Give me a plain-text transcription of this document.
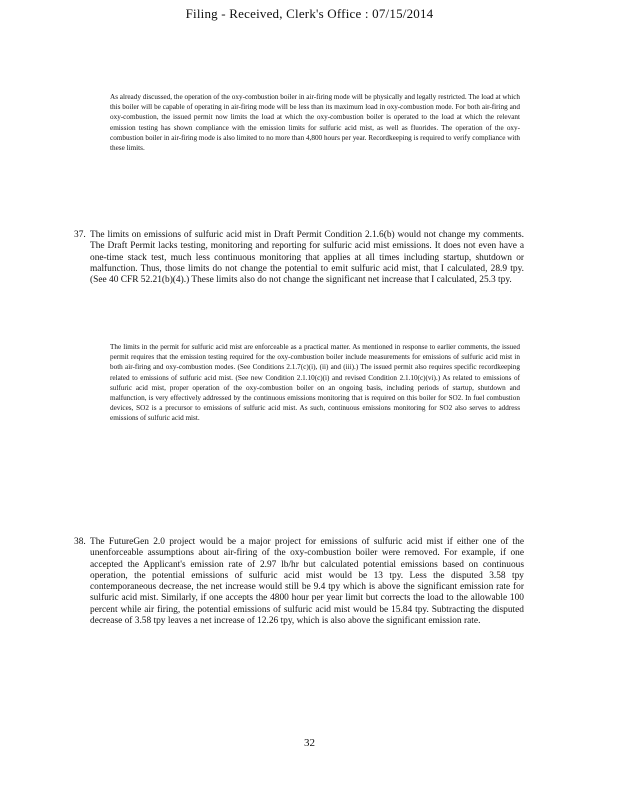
Filing - Received, Clerk's Office : 07/15/2014

As already discussed, the operation of the oxy-combustion boiler in air-firing mode will be physically and legally restricted. The load at which this boiler will be capable of operating in air-firing mode will be less than its maximum load in oxy-combustion mode. For both air-firing and oxy-combustion, the issued permit now limits the load at which the oxy-combustion boiler is operated to the load at which the relevant emission testing has shown compliance with the emission limits for sulfuric acid mist, as well as fluorides. The operation of the oxy-combustion boiler in air-firing mode is also limited to no more than 4,800 hours per year. Recordkeeping is required to verify compliance with these limits.

37. The limits on emissions of sulfuric acid mist in Draft Permit Condition 2.1.6(b) would not change my comments. The Draft Permit lacks testing, monitoring and reporting for sulfuric acid mist emissions. It does not even have a one-time stack test, much less continuous monitoring that applies at all times including startup, shutdown or malfunction. Thus, those limits do not change the potential to emit sulfuric acid mist, that I calculated, 28.9 tpy. (See 40 CFR 52.21(b)(4).) These limits also do not change the significant net increase that I calculated, 25.3 tpy.

The limits in the permit for sulfuric acid mist are enforceable as a practical matter. As mentioned in response to earlier comments, the issued permit requires that the emission testing required for the oxy-combustion boiler include measurements for emissions of sulfuric acid mist in both air-firing and oxy-combustion modes. (See Conditions 2.1.7(c)(i), (ii) and (iii).) The issued permit also requires specific recordkeeping related to emissions of sulfuric acid mist. (See new Condition 2.1.10(c)(i) and revised Condition 2.1.10(c)(vi).) As related to emissions of sulfuric acid mist, proper operation of the oxy-combustion boiler on an ongoing basis, including periods of startup, shutdown and malfunction, is very effectively addressed by the continuous emissions monitoring that is required on this boiler for SO2. In fuel combustion devices, SO2 is a precursor to emissions of sulfuric acid mist. As such, continuous emissions monitoring for SO2 also serves to address emissions of sulfuric acid mist.

38. The FutureGen 2.0 project would be a major project for emissions of sulfuric acid mist if either one of the unenforceable assumptions about air-firing of the oxy-combustion boiler were removed. For example, if one accepted the Applicant's emission rate of 2.97 lb/hr but calculated potential emissions based on continuous operation, the potential emissions of sulfuric acid mist would be 13 tpy. Less the disputed 3.58 tpy contemporaneous decrease, the net increase would still be 9.4 tpy which is above the significant emission rate for sulfuric acid mist. Similarly, if one accepts the 4800 hour per year limit but corrects the load to the allowable 100 percent while air firing, the potential emissions of sulfuric acid mist would be 15.84 tpy. Subtracting the disputed decrease of 3.58 tpy leaves a net increase of 12.26 tpy, which is also above the significant emission rate.
32
